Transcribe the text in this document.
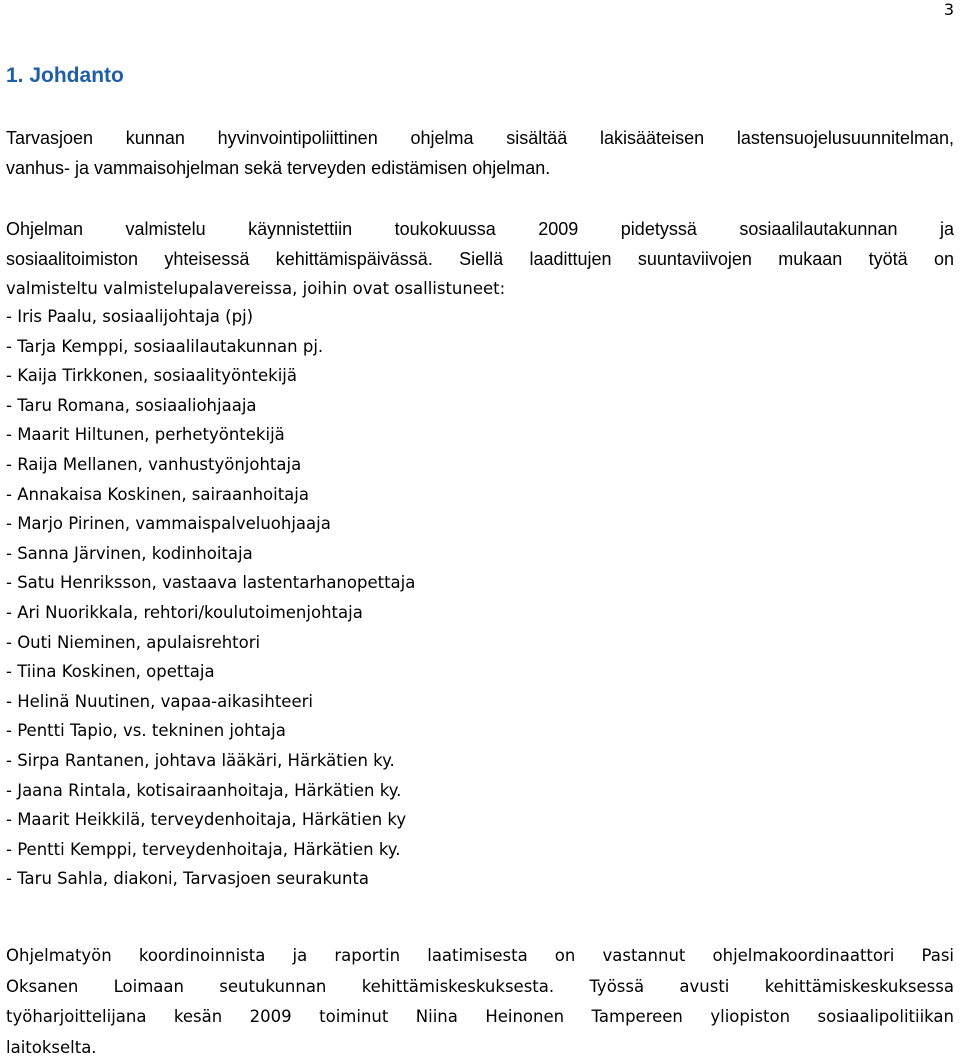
3
1. Johdanto
Tarvasjoen kunnan hyvinvointipoliittinen ohjelma sisältää lakisääteisen lastensuojelusuunnitelman,
vanhus- ja vammaisohjelman sekä terveyden edistämisen ohjelman.
Ohjelman valmistelu käynnistettiin toukokuussa 2009 pidetyssä sosiaalilautakunnan ja
sosiaalitoimiston yhteisessä kehittämispäivässä. Siellä laadittujen suuntaviivojen mukaan työtä on
valmisteltu valmistelupalavereissa, joihin ovat osallistuneet:
- Iris Paalu, sosiaalijohtaja (pj)
- Tarja Kemppi, sosiaalilautakunnan pj.
- Kaija Tirkkonen, sosiaalityöntekijä
- Taru Romana, sosiaaliohjaaja
- Maarit Hiltunen, perhetyöntekijä
- Raija Mellanen, vanhustyönjohtaja
- Annakaisa Koskinen, sairaanhoitaja
- Marjo Pirinen, vammaispalveluohjaaja
- Sanna Järvinen, kodinhoitaja
- Satu Henriksson, vastaava lastentarhanopettaja
- Ari Nuorikkala, rehtori/koulutoimenjohtaja
- Outi Nieminen, apulaisrehtori
- Tiina Koskinen, opettaja
- Helinä Nuutinen, vapaa-aikasihteeri
- Pentti Tapio, vs. tekninen johtaja
- Sirpa Rantanen, johtava lääkäri, Härkätien ky.
- Jaana Rintala, kotisairaanhoitaja, Härkätien ky.
- Maarit Heikkilä, terveydenhoitaja, Härkätien ky
- Pentti Kemppi, terveydenhoitaja, Härkätien ky.
- Taru Sahla, diakoni, Tarvasjoen seurakunta
Ohjelmatyön koordinoinnista ja raportin laatimisesta on vastannut ohjelmakoordinaattori Pasi
Oksanen Loimaan seutukunnan kehittämiskeskuksesta. Työssä avusti kehittämiskeskuksessa
työharjoittelijana kesän 2009 toiminut Niina Heinonen Tampereen yliopiston sosiaalipolitiikan
laitokselta.
